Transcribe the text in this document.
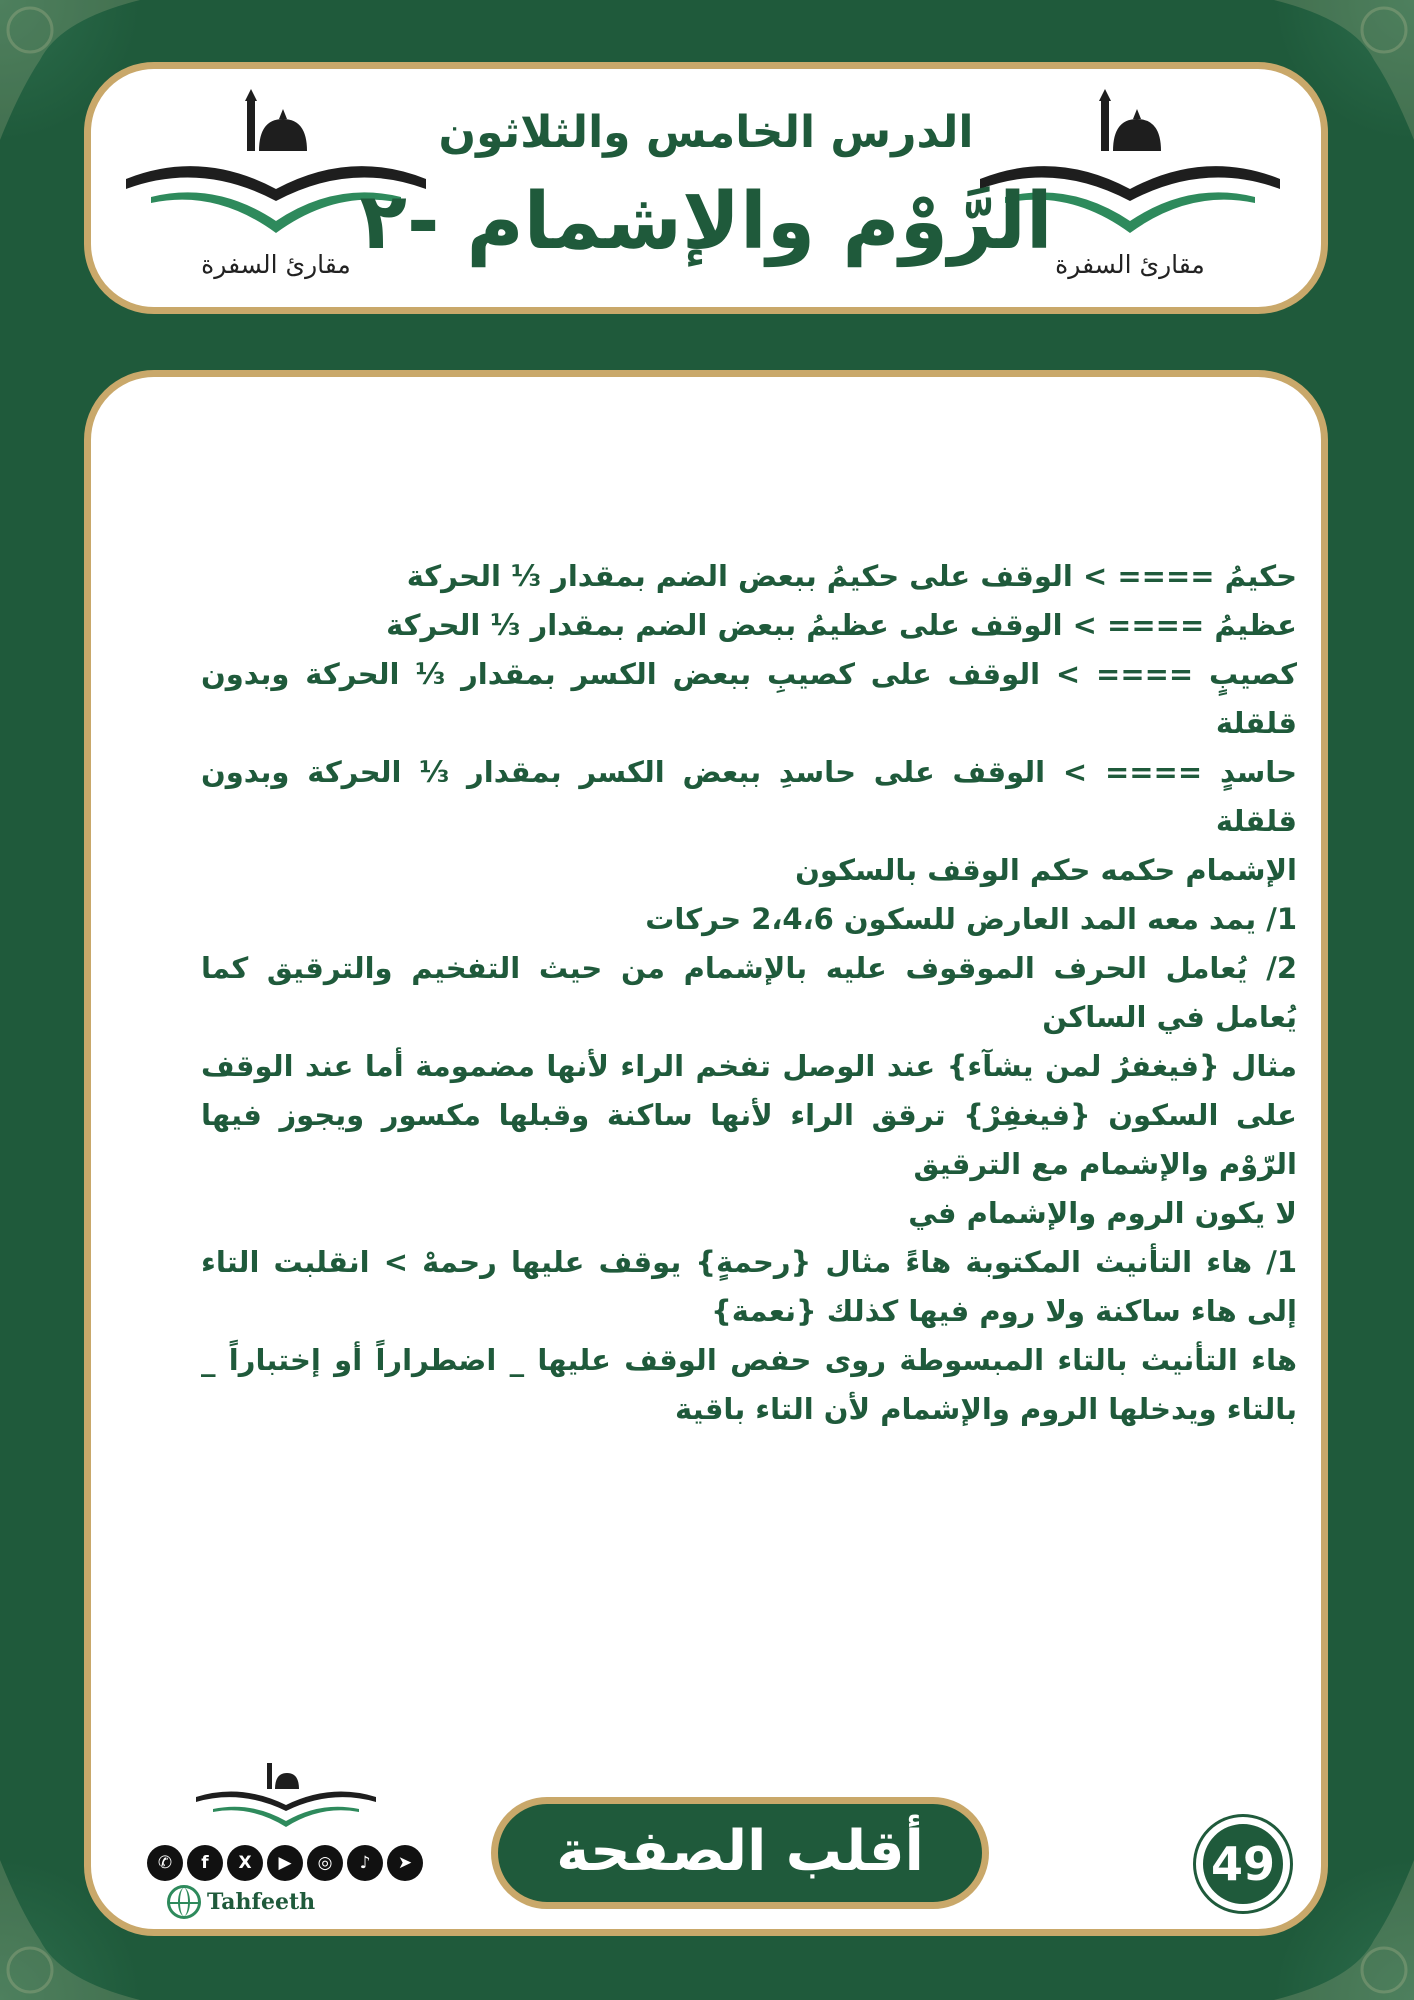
مقارئ السفرة
مقارئ السفرة
الدرس الخامس والثلاثون
الرَّوْم والإشمام -٢

حكيمُ ==== > الوقف على حكيمُ ببعض الضم بمقدار ⅓ الحركة

عظيمُ ==== > الوقف على عظيمُ ببعض الضم بمقدار ⅓ الحركة

كصيبٍ ==== > الوقف على كصيبِ ببعض الكسر بمقدار ⅓ الحركة وبدون قلقلة

حاسدٍ ==== > الوقف على حاسدِ ببعض الكسر بمقدار ⅓ الحركة وبدون قلقلة

الإشمام حكمه حكم الوقف بالسكون

1/ يمد معه المد العارض للسكون 2،4،6 حركات

2/ يُعامل الحرف الموقوف عليه بالإشمام من حيث التفخيم والترقيق كما يُعامل في الساكن

مثال {فيغفرُ لمن يشآء} عند الوصل تفخم الراء لأنها مضمومة أما عند الوقف على السكون {فيغفِرْ} ترقق الراء لأنها ساكنة وقبلها مكسور ويجوز فيها الرّوْم والإشمام مع الترقيق

لا يكون الروم والإشمام في

1/ هاء التأنيث المكتوبة هاءً مثال {رحمةٍ} يوقف عليها رحمهْ > انقلبت التاء إلى هاء ساكنة ولا روم فيها كذلك {نعمة}

هاء التأنيث بالتاء المبسوطة روى حفص الوقف عليها _ اضطراراً أو إختباراً _ بالتاء ويدخلها الروم والإشمام لأن التاء باقية

✆	f	X	▶	◎	♪	➤
Tahfeeth
أقلب الصفحة	49
